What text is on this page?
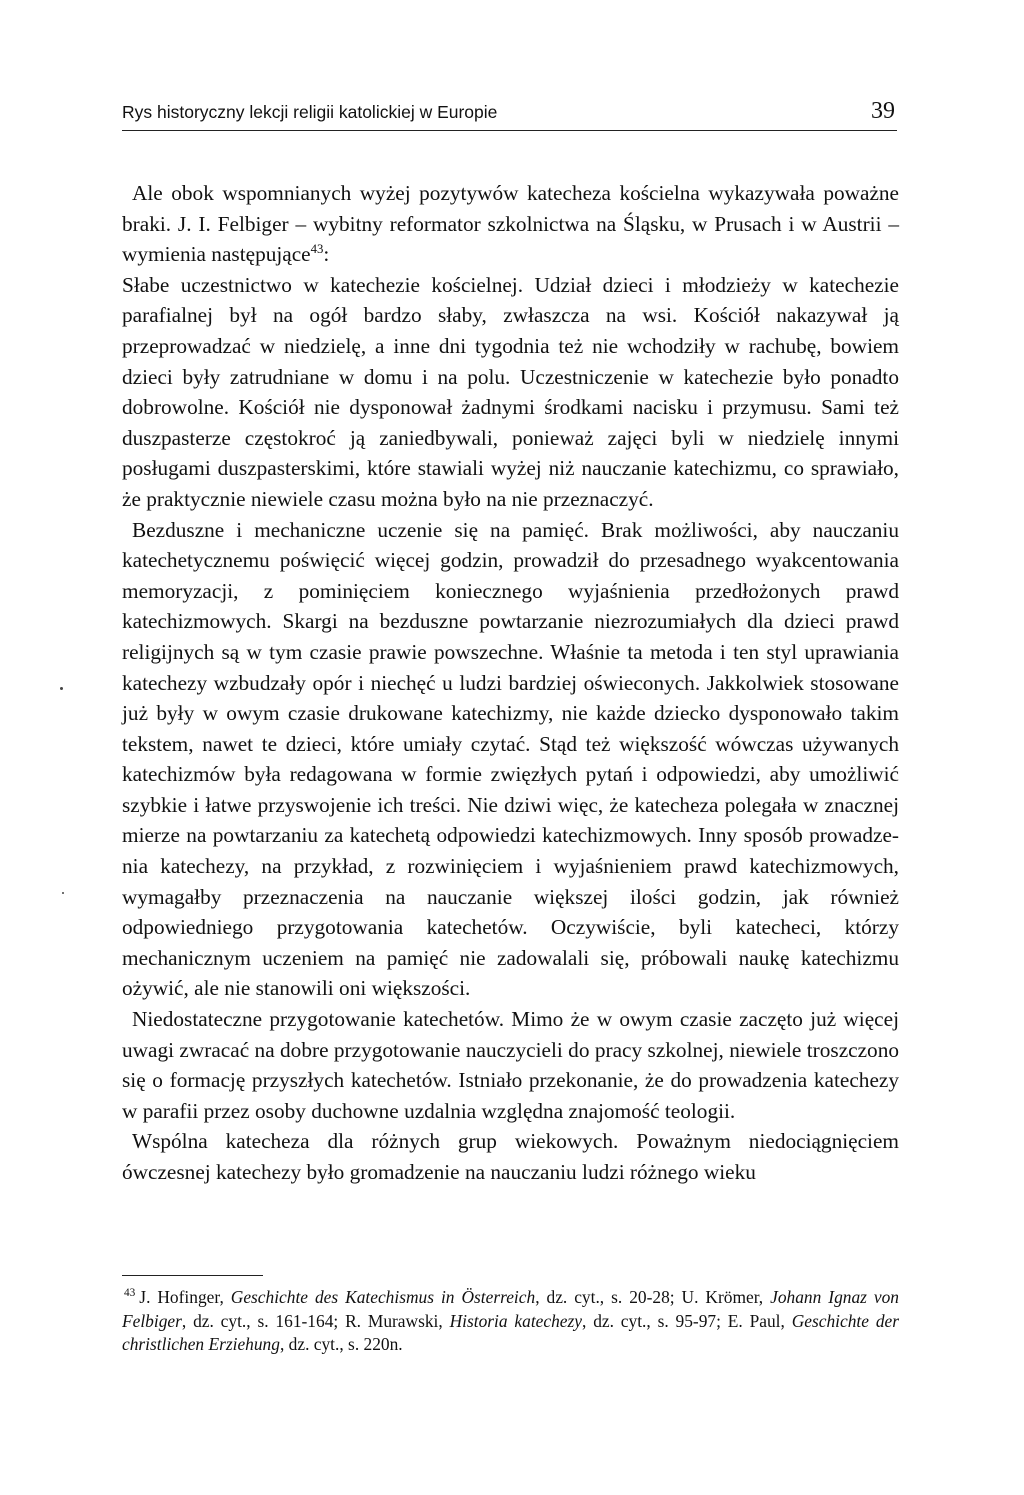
Rys historyczny lekcji religii katolickiej w Europie	39

Ale obok wspomnianych wyżej pozytywów katecheza kościelna wykazywała poważne braki. J. I. Felbiger – wybitny reformator szkolnictwa na Śląsku, w Prusach i w Austrii – wymienia następujące$^{43}$:

Słabe uczestnictwo w katechezie kościelnej. Udział dzieci i młodzieży w katechezie parafialnej był na ogół bardzo słaby, zwłaszcza na wsi. Kościół nakazywał ją przeprowadzać w niedzielę, a inne dni tygodnia też nie wchodziły w rachubę, bowiem dzieci były zatrudniane w domu i na polu. Uczestniczenie w katechezie było ponadto dobrowolne. Kościół nie dysponował żadnymi środkami nacisku i przymusu. Sami też duszpasterze częstokroć ją zaniedbywali, ponieważ zajęci byli w niedzielę innymi posługami duszpasterskimi, które stawiali wyżej niż nauczanie katechizmu, co sprawiało, że praktycznie niewiele czasu można było na nie przeznaczyć.

Bezduszne i mechaniczne uczenie się na pamięć. Brak możliwości, aby nauczaniu katechetycznemu poświęcić więcej godzin, prowadził do przesadnego wyakcentowania memoryzacji, z pominięciem koniecznego wyjaśnienia przedłożonych prawd katechizmowych. Skargi na bezduszne powtarzanie niezrozumiałych dla dzieci prawd religijnych są w tym czasie prawie powszechne. Właśnie ta metoda i ten styl uprawiania katechezy wzbudzały opór i niechęć u ludzi bardziej oświeconych. Jakkolwiek stosowane już były w owym czasie drukowane katechizmy, nie każde dziecko dysponowało takim tekstem, nawet te dzieci, które umiały czytać. Stąd też większość wówczas używanych katechizmów była redagowana w formie zwięzłych pytań i odpowiedzi, aby umożliwić szybkie i łatwe przyswojenie ich treści. Nie dziwi więc, że katecheza polegała w znacznej mierze na powtarzaniu za katechetą odpowiedzi katechizmowych. Inny sposób prowadzenia katechezy, na przykład, z rozwinięciem i wyjaśnieniem prawd katechizmowych, wymagałby przeznaczenia na nauczanie większej ilości godzin, jak również odpowiedniego przygotowania katechetów. Oczywiście, byli katecheci, którzy mechanicznym uczeniem na pamięć nie zadowalali się, próbowali naukę katechizmu ożywić, ale nie stanowili oni większości.

Niedostateczne przygotowanie katechetów. Mimo że w owym czasie zaczęto już więcej uwagi zwracać na dobre przygotowanie nauczycieli do pracy szkolnej, niewiele troszczono się o formację przyszłych katechetów. Istniało przekonanie, że do prowadzenia katechezy w parafii przez osoby duchowne uzdalnia względna znajomość teologii.

Wspólna katecheza dla różnych grup wiekowych. Poważnym niedociągnięciem ówczesnej katechezy było gromadzenie na nauczaniu ludzi różnego wieku

$^{43}$ J. Hofinger, Geschichte des Katechismus in Österreich, dz. cyt., s. 20-28; U. Krömer, Johann Ignaz von Felbiger, dz. cyt., s. 161-164; R. Murawski, Historia katechezy, dz. cyt., s. 95-97; E. Paul, Geschichte der christlichen Erziehung, dz. cyt., s. 220n.
